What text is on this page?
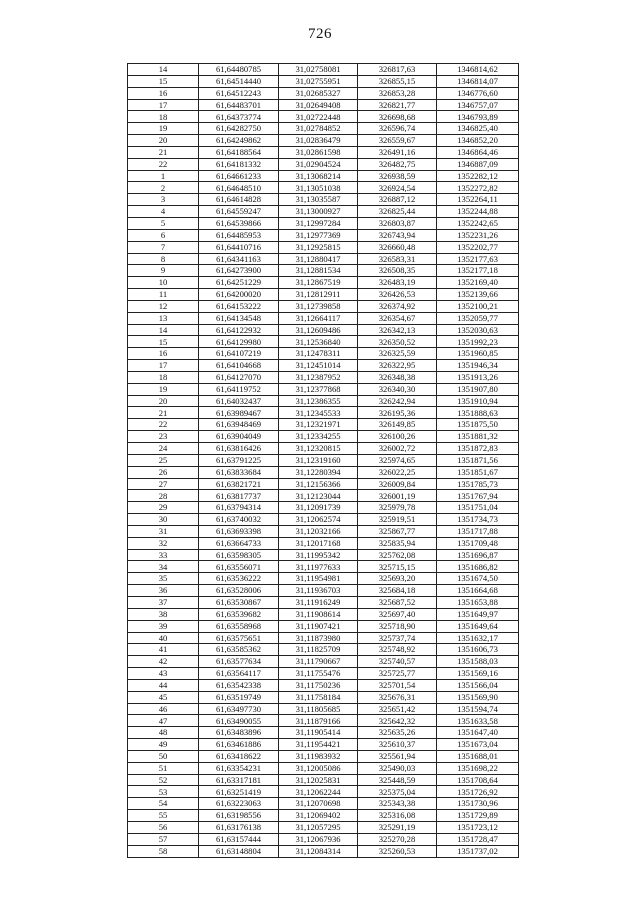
726
14	61,64480785	31,02758081	326817,63	1346814,62
15	61,64514440	31,02755951	326855,15	1346814,07
16	61,64512243	31,02685327	326853,28	1346776,60
17	61,64483701	31,02649408	326821,77	1346757,07
18	61,64373774	31,02722448	326698,68	1346793,89
19	61,64282750	31,02784852	326596,74	1346825,40
20	61,64249862	31,02836479	326559,67	1346852,20
21	61,64188564	31,02861598	326491,16	1346864,46
22	61,64181332	31,02904524	326482,75	1346887,09
1	61,64661233	31,13068214	326938,59	1352282,12
2	61,64648510	31,13051038	326924,54	1352272,82
3	61,64614828	31,13035587	326887,12	1352264,11
4	61,64559247	31,13000927	326825,44	1352244,88
5	61,64539866	31,12997284	326803,87	1352242,65
6	61,64485953	31,12977369	326743,94	1352231,26
7	61,64410716	31,12925815	326660,48	1352202,77
8	61,64341163	31,12880417	326583,31	1352177,63
9	61,64273900	31,12881534	326508,35	1352177,18
10	61,64251229	31,12867519	326483,19	1352169,40
11	61,64200020	31,12812911	326426,53	1352139,66
12	61,64153222	31,12739858	326374,92	1352100,21
13	61,64134548	31,12664117	326354,67	1352059,77
14	61,64122932	31,12609486	326342,13	1352030,63
15	61,64129980	31,12536840	326350,52	1351992,23
16	61,64107219	31,12478311	326325,59	1351960,85
17	61,64104668	31,12451014	326322,95	1351946,34
18	61,64127070	31,12387952	326348,38	1351913,26
19	61,64119752	31,12377868	326340,30	1351907,80
20	61,64032437	31,12386355	326242,94	1351910,94
21	61,63989467	31,12345533	326195,36	1351888,63
22	61,63948469	31,12321971	326149,85	1351875,50
23	61,63904049	31,12334255	326100,26	1351881,32
24	61,63816426	31,12320815	326002,72	1351872,83
25	61,63791225	31,12319160	325974,65	1351871,56
26	61,63833684	31,12280394	326022,25	1351851,67
27	61,63821721	31,12156366	326009,84	1351785,73
28	61,63817737	31,12123044	326001,19	1351767,94
29	61,63794314	31,12091739	325979,78	1351751,04
30	61,63740032	31,12062574	325919,51	1351734,73
31	61,63693398	31,12032166	325867,77	1351717,88
32	61,63664733	31,12017168	325835,94	1351709,48
33	61,63598305	31,11995342	325762,08	1351696,87
34	61,63556071	31,11977633	325715,15	1351686,82
35	61,63536222	31,11954981	325693,20	1351674,50
36	61,63528006	31,11936703	325684,18	1351664,68
37	61,63530867	31,11916249	325687,52	1351653,88
38	61,63539682	31,11908614	325697,40	1351649,97
39	61,63558968	31,11907421	325718,90	1351649,64
40	61,63575651	31,11873980	325737,74	1351632,17
41	61,63585362	31,11825709	325748,92	1351606,73
42	61,63577634	31,11790667	325740,57	1351588,03
43	61,63564117	31,11755476	325725,77	1351569,16
44	61,63542338	31,11750236	325701,54	1351566,04
45	61,63519749	31,11758184	325676,31	1351569,90
46	61,63497730	31,11805685	325651,42	1351594,74
47	61,63490055	31,11879166	325642,32	1351633,58
48	61,63483896	31,11905414	325635,26	1351647,40
49	61,63461886	31,11954421	325610,37	1351673,04
50	61,63418622	31,11983932	325561,94	1351688,01
51	61,63354231	31,12005086	325490,03	1351698,22
52	61,63317181	31,12025831	325448,59	1351708,64
53	61,63251419	31,12062244	325375,04	1351726,92
54	61,63223063	31,12070698	325343,38	1351730,96
55	61,63198556	31,12069402	325316,08	1351729,89
56	61,63176138	31,12057295	325291,19	1351723,12
57	61,63157444	31,12067936	325270,28	1351728,47
58	61,63148804	31,12084314	325260,53	1351737,02
